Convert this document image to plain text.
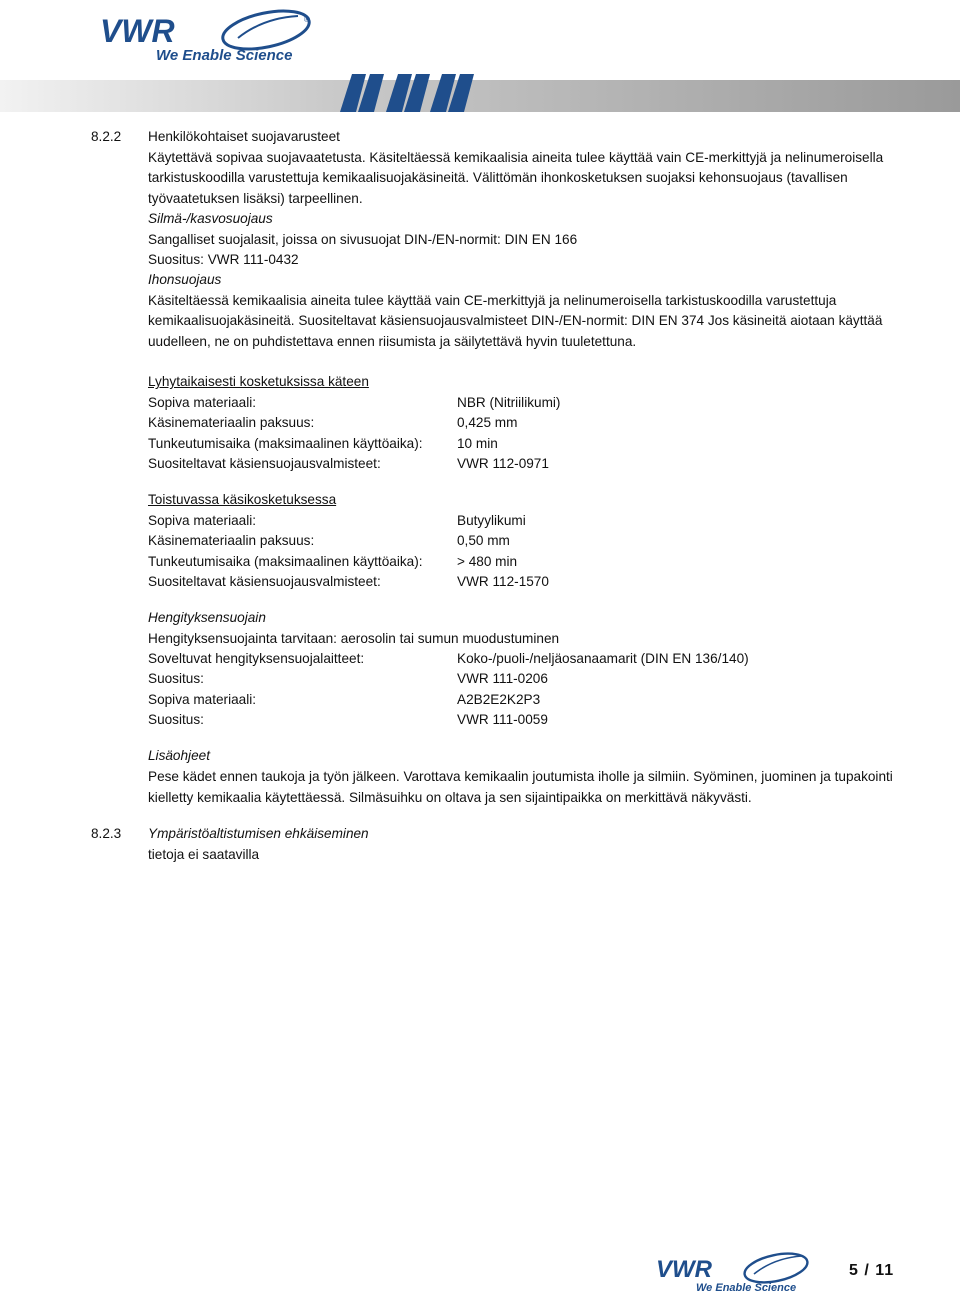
VWR
We Enable Science
®
8.2.2 Henkilökohtaiset suojavarusteet
Käytettävä sopivaa suojavaatetusta. Käsiteltäessä kemikaalisia aineita tulee käyttää vain CE-merkittyjä ja nelinumeroisella
tarkistuskoodilla varustettuja kemikaalisuojakäsineitä. Välittömän ihonkosketuksen suojaksi kehonsuojaus (tavallisen
työvaatetuksen lisäksi) tarpeellinen.
Silmä-/kasvosuojaus
Sangalliset suojalasit, joissa on sivusuojat DIN-/EN-normit: DIN EN 166
Suositus: VWR 111-0432
Ihonsuojaus
Käsiteltäessä kemikaalisia aineita tulee käyttää vain CE-merkittyjä ja nelinumeroisella tarkistuskoodilla varustettuja
kemikaalisuojakäsineitä. Suositeltavat käsiensuojausvalmisteet DIN-/EN-normit: DIN EN 374 Jos käsineitä aiotaan käyttää
uudelleen, ne on puhdistettava ennen riisumista ja säilytettävä hyvin tuuletettuna.
Lyhytaikaisesti kosketuksissa käteen
Sopiva materiaali:	NBR (Nitriilikumi)
Käsinemateriaalin paksuus:	0,425 mm
Tunkeutumisaika (maksimaalinen käyttöaika):	10 min
Suositeltavat käsiensuojausvalmisteet:	VWR 112-0971
Toistuvassa käsikosketuksessa
Sopiva materiaali:	Butyylikumi
Käsinemateriaalin paksuus:	0,50 mm
Tunkeutumisaika (maksimaalinen käyttöaika):	> 480 min
Suositeltavat käsiensuojausvalmisteet:	VWR 112-1570
Hengityksensuojain
Hengityksensuojainta tarvitaan: aerosolin tai sumun muodustuminen
Soveltuvat hengityksensuojalaitteet:	Koko-/puoli-/neljäosanaamarit (DIN EN 136/140)
Suositus:	VWR 111-0206
Sopiva materiaali:	A2B2E2K2P3
Suositus:	VWR 111-0059
Lisäohjeet
Pese kädet ennen taukoja ja työn jälkeen. Varottava kemikaalin joutumista iholle ja silmiin. Syöminen, juominen ja tupakointi
kielletty kemikaalia käytettäessä. Silmäsuihku on oltava ja sen sijaintipaikka on merkittävä näkyvästi.
8.2.3 Ympäristöaltistumisen ehkäiseminen
tietoja ei saatavilla
VWR
We Enable Science
5 / 11
